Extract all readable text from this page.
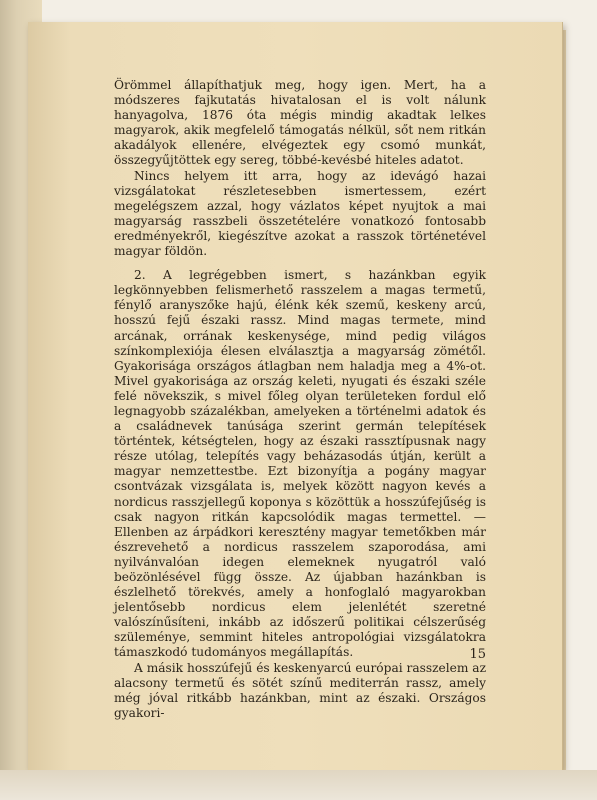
Örömmel állapíthatjuk meg, hogy igen. Mert, ha a módszeres fajkutatás hivatalosan el is volt nálunk hanyagolva, 1876 óta mégis mindig akadtak lelkes magyarok, akik megfelelő támogatás nélkül, sőt nem ritkán akadályok ellenére, elvégeztek egy csomó munkát, összegyűjtöttek egy sereg, többé-kevésbé hiteles adatot.

Nincs helyem itt arra, hogy az idevágó hazai vizsgálatokat részletesebben ismertessem, ezért megelégszem azzal, hogy vázlatos képet nyujtok a mai magyarság rasszbeli összetételére vonatkozó fontosabb eredményekről, kiegészítve azokat a rasszok történetével magyar földön.

2. A legrégebben ismert, s hazánkban egyik legkönnyebben felismerhető rasszelem a magas termetű, fénylő aranyszőke hajú, élénk kék szemű, keskeny arcú, hosszú fejű északi rassz. Mind magas termete, mind arcának, orrának keskenysége, mind pedig világos színkomplexiója élesen elválasztja a magyarság zömétől. Gyakorisága országos átlagban nem haladja meg a 4%-ot. Mivel gyakorisága az ország keleti, nyugati és északi széle felé növekszik, s mivel főleg olyan területeken fordul elő legnagyobb százalékban, amelyeken a történelmi adatok és a családnevek tanúsága szerint germán telepítések történtek, kétségtelen, hogy az északi rassztípusnak nagy része utólag, telepítés vagy beházasodás útján, került a magyar nemzettestbe. Ezt bizonyítja a pogány magyar csontvázak vizsgálata is, melyek között nagyon kevés a nordicus rasszjellegű koponya s közöttük a hosszúfejűség is csak nagyon ritkán kapcsolódik magas termettel. — Ellenben az árpádkori keresztény magyar temetőkben már észrevehető a nordicus rasszelem szaporodása, ami nyilvánvalóan idegen elemeknek nyugatról való beözönlésével függ össze. Az újabban hazánkban is észlelhető törekvés, amely a honfoglaló magyarokban jelentősebb nordicus elem jelenlétét szeretné valószínűsíteni, inkább az időszerű politikai célszerűség szüleménye, semmint hiteles antropológiai vizsgálatokra támaszkodó tudományos megállapítás.

A másik hosszúfejű és keskenyarcú európai rasszelem az alacsony termetű és sötét színű mediterrán rassz, amely még jóval ritkább hazánkban, mint az északi. Országos gyakori-

15
